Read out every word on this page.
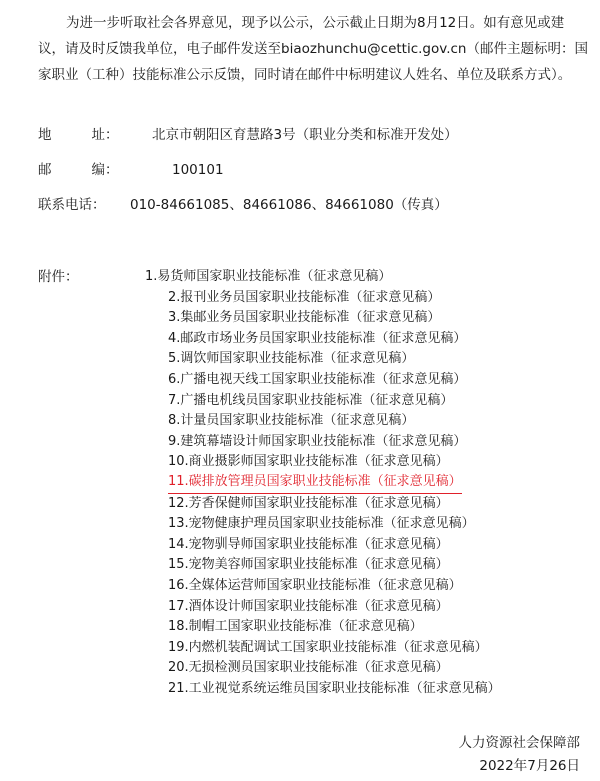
为进一步听取社会各界意见，现予以公示，公示截止日期为8月12日。如有意见或建议，请及时反馈我单位，电子邮件发送至biaozhunchu@cettic.gov.cn（邮件主题标明：国家职业（工种）技能标准公示反馈，同时请在邮件中标明建议人姓名、单位及联系方式）。
地	址： 北京市朝阳区育慧路3号（职业分类和标准开发处）
邮	编：	100101
联系电话： 010-84661085、84661086、84661080（传真）
附件：	1.易货师国家职业技能标准（征求意见稿）
2.报刊业务员国家职业技能标准（征求意见稿）
3.集邮业务员国家职业技能标准（征求意见稿）
4.邮政市场业务员国家职业技能标准（征求意见稿）
5.调饮师国家职业技能标准（征求意见稿）
6.广播电视天线工国家职业技能标准（征求意见稿）
7.广播电机线员国家职业技能标准（征求意见稿）
8.计量员国家职业技能标准（征求意见稿）
9.建筑幕墙设计师国家职业技能标准（征求意见稿）
10.商业摄影师国家职业技能标准（征求意见稿）
11.碳排放管理员国家职业技能标准（征求意见稿）
12.芳香保健师国家职业技能标准（征求意见稿）
13.宠物健康护理员国家职业技能标准（征求意见稿）
14.宠物驯导师国家职业技能标准（征求意见稿）
15.宠物美容师国家职业技能标准（征求意见稿）
16.全媒体运营师国家职业技能标准（征求意见稿）
17.酒体设计师国家职业技能标准（征求意见稿）
18.制帽工国家职业技能标准（征求意见稿）
19.内燃机装配调试工国家职业技能标准（征求意见稿）
20.无损检测员国家职业技能标准（征求意见稿）
21.工业视觉系统运维员国家职业技能标准（征求意见稿）
人力资源社会保障部
2022年7月26日
